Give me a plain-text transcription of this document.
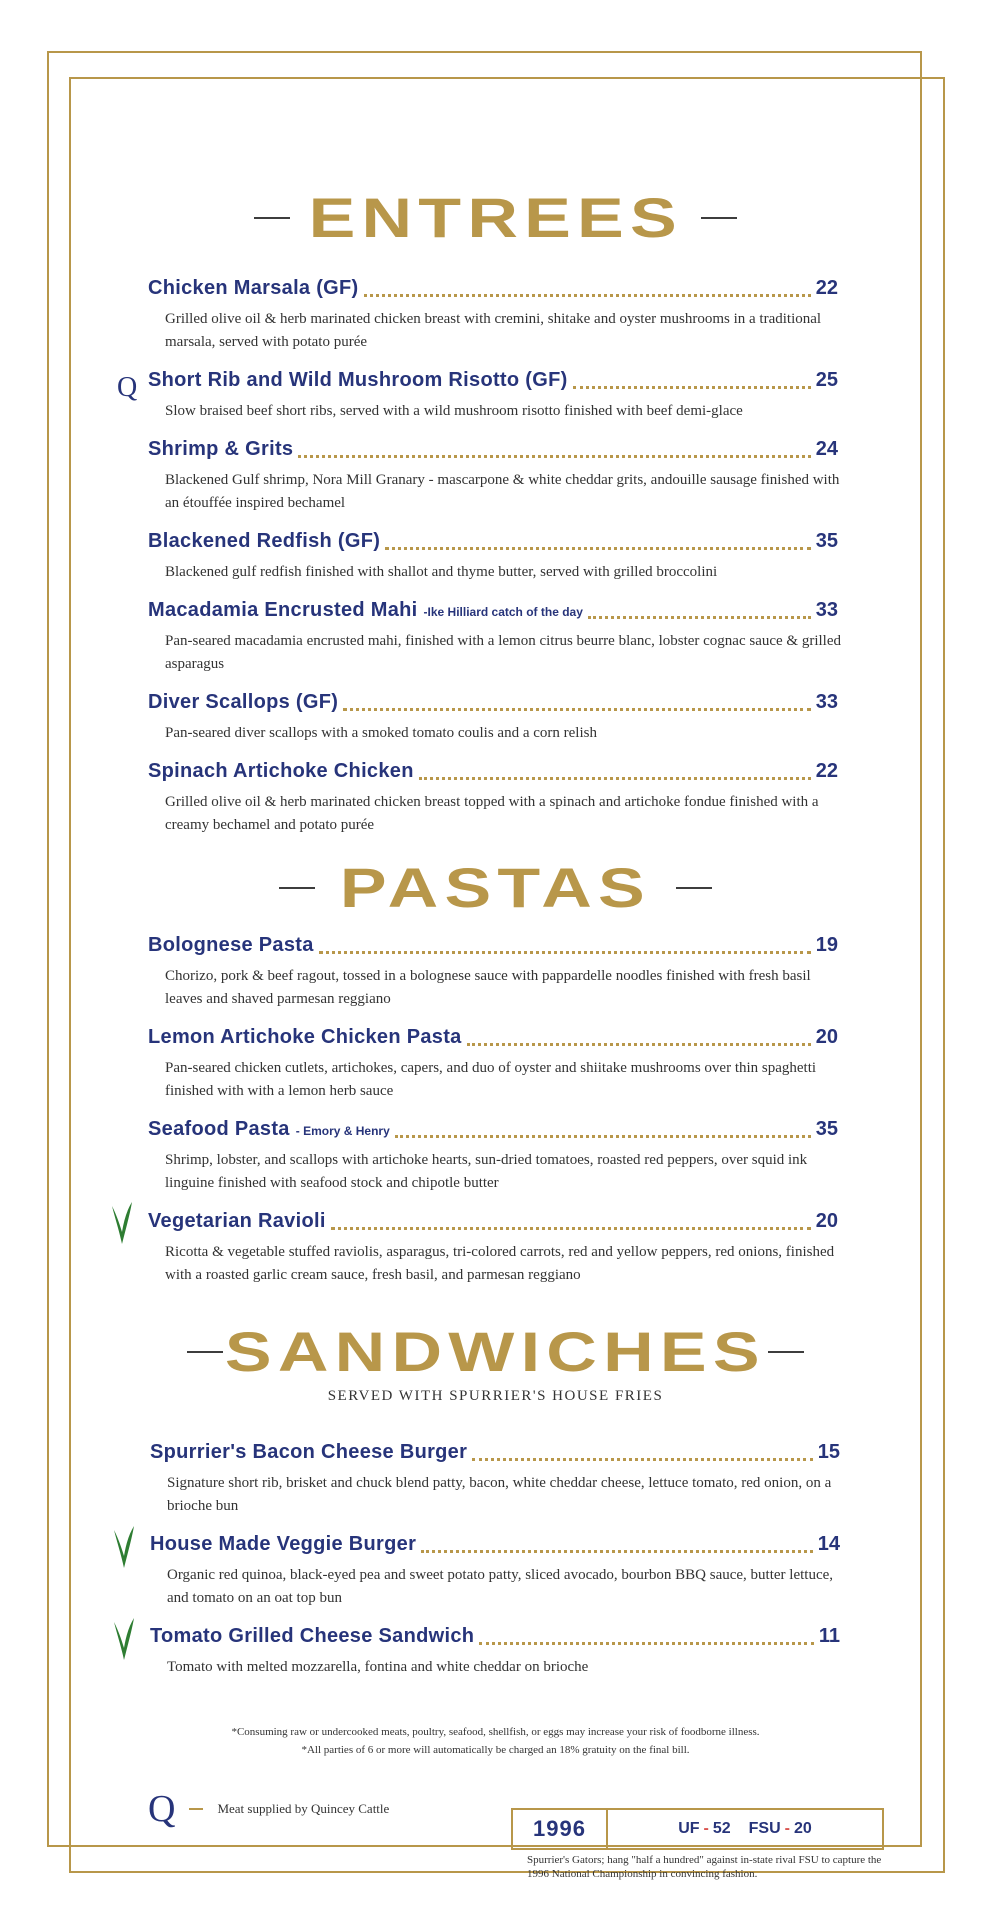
ENTREES
Chicken Marsala (GF)	22
Grilled olive oil & herb marinated chicken breast with cremini, shitake and oyster mushrooms in a traditional marsala, served with potato purée
Q Short Rib and Wild Mushroom Risotto (GF)	25
Slow braised beef short ribs, served with a wild mushroom risotto finished with beef demi-glace
Shrimp & Grits	24
Blackened Gulf shrimp, Nora Mill Granary - mascarpone & white cheddar grits, andouille sausage finished with an étouffée inspired bechamel
Blackened Redfish (GF)	35
Blackened gulf redfish finished with shallot and thyme butter, served with grilled broccolini
Macadamia Encrusted Mahi -Ike Hilliard catch of the day	33
Pan-seared macadamia encrusted mahi, finished with a lemon citrus beurre blanc, lobster cognac sauce & grilled asparagus
Diver Scallops (GF)	33
Pan-seared diver scallops with a smoked tomato coulis and a corn relish
Spinach Artichoke Chicken	22
Grilled olive oil & herb marinated chicken breast topped with a spinach and artichoke fondue finished with a creamy bechamel and potato purée
PASTAS
Bolognese Pasta	19
Chorizo, pork & beef ragout, tossed in a bolognese sauce with pappardelle noodles finished with fresh basil leaves and shaved parmesan reggiano
Lemon Artichoke Chicken Pasta	20
Pan-seared chicken cutlets, artichokes, capers, and duo of oyster and shiitake mushrooms over thin spaghetti finished with with a lemon herb sauce
Seafood Pasta - Emory & Henry	35
Shrimp, lobster, and scallops with artichoke hearts, sun-dried tomatoes, roasted red peppers, over squid ink linguine finished with seafood stock and chipotle butter
Vegetarian Ravioli	20
Ricotta & vegetable stuffed raviolis, asparagus, tri-colored carrots, red and yellow peppers, red onions, finished with a roasted garlic cream sauce, fresh basil, and parmesan reggiano
SANDWICHES
SERVED WITH SPURRIER'S HOUSE FRIES
Spurrier's Bacon Cheese Burger	15
Signature short rib, brisket and chuck blend patty, bacon, white cheddar cheese, lettuce tomato, red onion, on a brioche bun
House Made Veggie Burger	14
Organic red quinoa, black-eyed pea and sweet potato patty, sliced avocado, bourbon BBQ sauce, butter lettuce, and tomato on an oat top bun
Tomato Grilled Cheese Sandwich	11
Tomato with melted mozzarella, fontina and white cheddar on brioche
*Consuming raw or undercooked meats, poultry, seafood, shellfish, or eggs may increase your risk of foodborne illness.
*All parties of 6 or more will automatically be charged an 18% gratuity on the final bill.
Q	Meat supplied by Quincey Cattle
1996	UF - 52 FSU - 20
Spurrier's Gators; hang "half a hundred" against in-state rival FSU to capture the 1996 National Championship in convincing fashion.
